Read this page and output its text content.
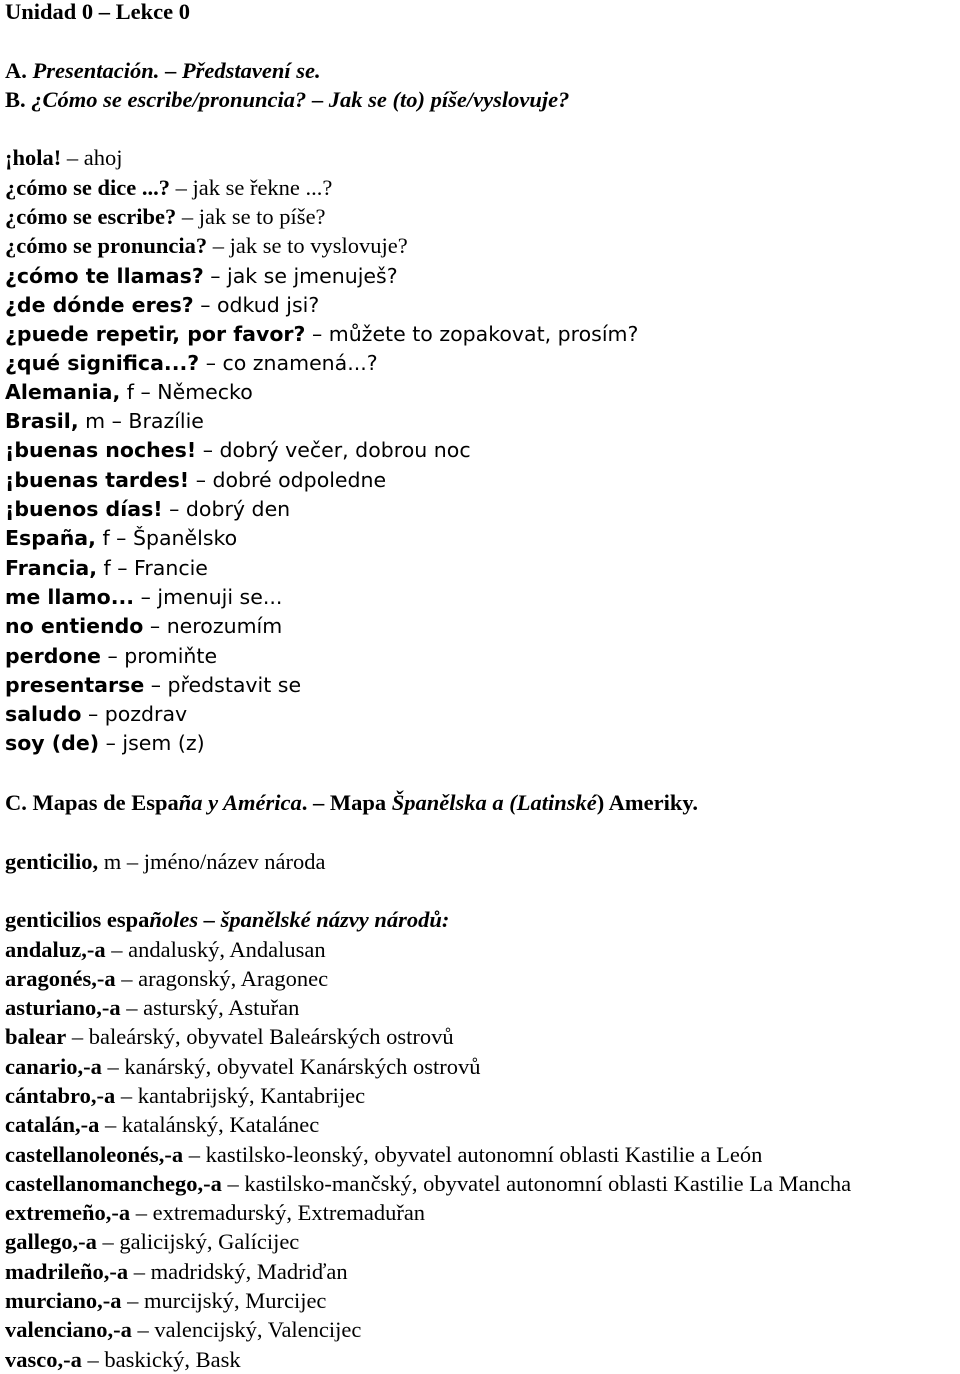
Unidad 0 – Lekce 0
A. Presentación. – Představení se.
B. ¿Cómo se escribe/pronuncia? – Jak se (to) píše/vyslovuje?
¡hola! – ahoj
¿cómo se dice ...? – jak se řekne ...?
¿cómo se escribe? – jak se to píše?
¿cómo se pronuncia? – jak se to vyslovuje?
¿cómo te llamas? – jak se jmenuješ?
¿de dónde eres? – odkud jsi?
¿puede repetir, por favor? – můžete to zopakovat, prosím?
¿qué significa...? – co znamená...?
Alemania, f – Německo
Brasil, m – Brazílie
¡buenas noches! – dobrý večer, dobrou noc
¡buenas tardes! – dobré odpoledne
¡buenos días! – dobrý den
España, f – Španělsko
Francia, f – Francie
me llamo... – jmenuji se...
no entiendo – nerozumím
perdone – promiňte
presentarse – představit se
saludo – pozdrav
soy (de) – jsem (z)
C. Mapas de España y América. – Mapa Španělska a (Latinské) Ameriky.
genticilio, m – jméno/název národa
genticilios españoles – španělské názvy národů:
andaluz,-a – andaluský, Andalusan
aragonés,-a – aragonský, Aragonec
asturiano,-a – asturský, Astuřan
balear – baleárský, obyvatel Baleárských ostrovů
canario,-a – kanárský, obyvatel Kanárských ostrovů
cántabro,-a – kantabrijský, Kantabrijec
catalán,-a – katalánský, Katalánec
castellanoleonés,-a – kastilsko-leonský, obyvatel autonomní oblasti Kastilie a León
castellanomanchego,-a – kastilsko-mančský, obyvatel autonomní oblasti Kastilie La Mancha
extremeño,-a – extremadurský, Extremaduřan
gallego,-a – galicijský, Galícijec
madrileño,-a – madridský, Madriďan
murciano,-a – murcijský, Murcijec
valenciano,-a – valencijský, Valencijec
vasco,-a – baskický, Bask
